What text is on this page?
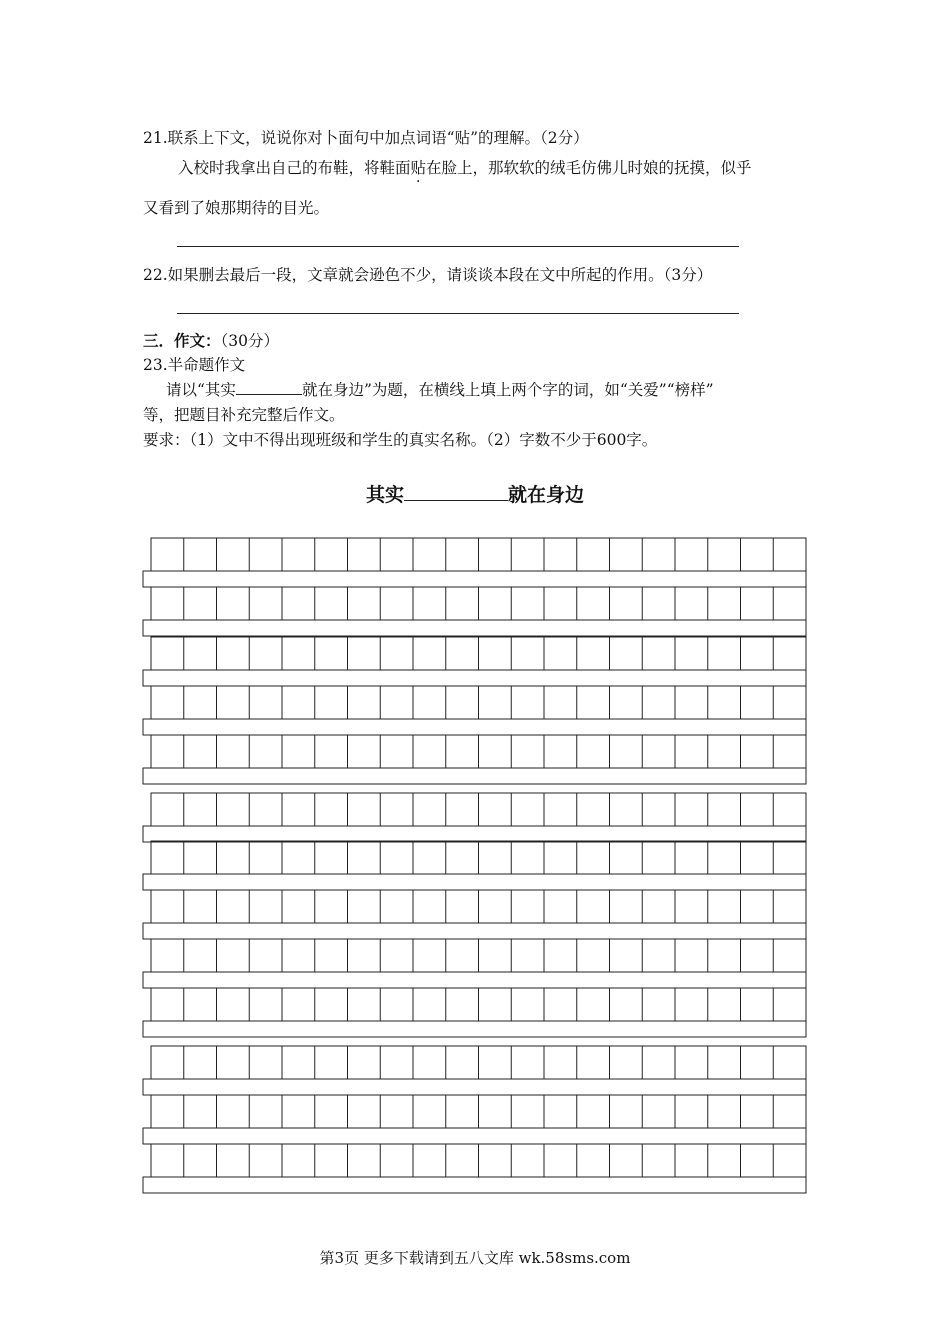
21.联系上下文，说说你对卜面句中加点词语“贴”的理解。（2分）
入校时我拿出自己的布鞋，将鞋面贴在脸上，那软软的绒毛仿佛儿时娘的抚摸，似乎
又看到了娘那期待的目光。
22.如果删去最后一段，文章就会逊色不少，请谈谈本段在文中所起的作用。（3分）
三．作文：（30分）
23.半命题作文
请以“其实	就在身边”为题，在横线上填上两个字的词，如“关爱”“榜样”
等，把题目补充完整后作文。
要求：（1）文中不得出现班级和学生的真实名称。（2）字数不少于600字。
其实	就在身边
第3页 更多下载请到五八文库 wk.58sms.com
